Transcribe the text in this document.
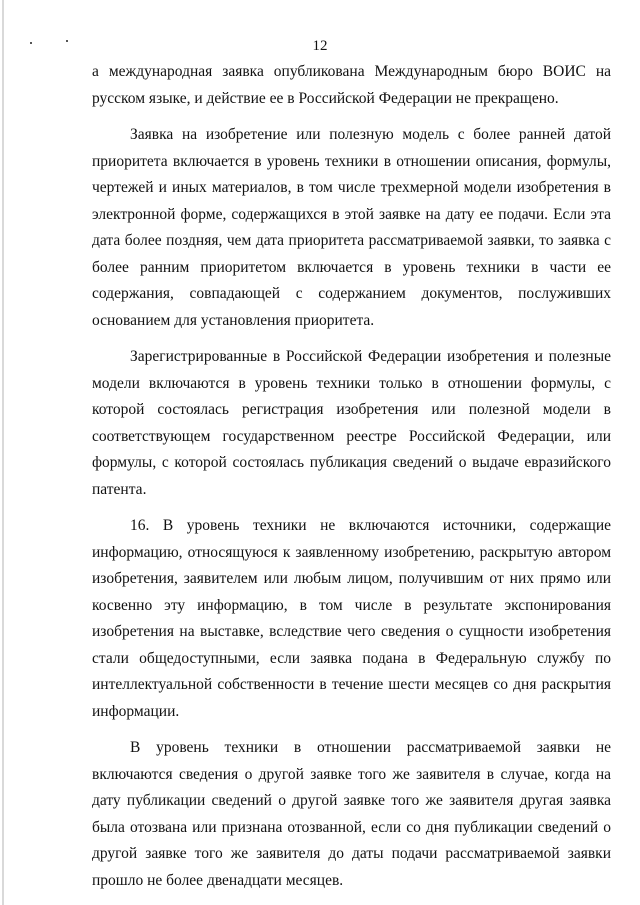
12

а международная заявка опубликована Международным бюро ВОИС на русском языке, и действие ее в Российской Федерации не прекращено.

Заявка на изобретение или полезную модель с более ранней датой приоритета включается в уровень техники в отношении описания, формулы, чертежей и иных материалов, в том числе трехмерной модели изобретения в электронной форме, содержащихся в этой заявке на дату ее подачи. Если эта дата более поздняя, чем дата приоритета рассматриваемой заявки, то заявка с более ранним приоритетом включается в уровень техники в части ее содержания, совпадающей с содержанием документов, послуживших основанием для установления приоритета.

Зарегистрированные в Российской Федерации изобретения и полезные модели включаются в уровень техники только в отношении формулы, с которой состоялась регистрация изобретения или полезной модели в соответствующем государственном реестре Российской Федерации, или формулы, с которой состоялась публикация сведений о выдаче евразийского патента.

16. В уровень техники не включаются источники, содержащие информацию, относящуюся к заявленному изобретению, раскрытую автором изобретения, заявителем или любым лицом, получившим от них прямо или косвенно эту информацию, в том числе в результате экспонирования изобретения на выставке, вследствие чего сведения о сущности изобретения стали общедоступными, если заявка подана в Федеральную службу по интеллектуальной собственности в течение шести месяцев со дня раскрытия информации.

В уровень техники в отношении рассматриваемой заявки не включаются сведения о другой заявке того же заявителя в случае, когда на дату публикации сведений о другой заявке того же заявителя другая заявка была отозвана или признана отозванной, если со дня публикации сведений о другой заявке того же заявителя до даты подачи рассматриваемой заявки прошло не более двенадцати месяцев.
